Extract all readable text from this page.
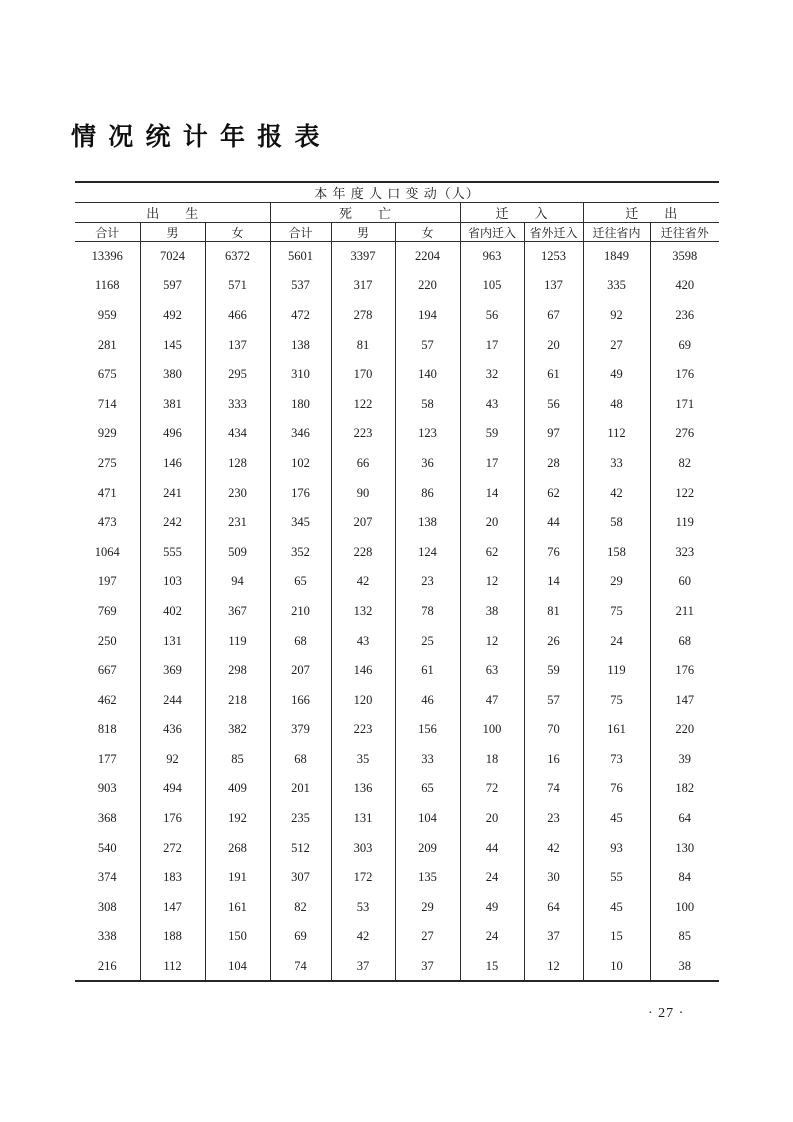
情 况 统 计 年 报 表
本 年 度 人 口 变 动（人）									
出　　生			死　　亡			迁　　入		迁　　出	
合计	男	女	合计	男	女	省内迁入	省外迁入	迁往省内	迁往省外
13396	7024	6372	5601	3397	2204	963	1253	1849	3598
1168	597	571	537	317	220	105	137	335	420
959	492	466	472	278	194	56	67	92	236
281	145	137	138	81	57	17	20	27	69
675	380	295	310	170	140	32	61	49	176
714	381	333	180	122	58	43	56	48	171
929	496	434	346	223	123	59	97	112	276
275	146	128	102	66	36	17	28	33	82
471	241	230	176	90	86	14	62	42	122
473	242	231	345	207	138	20	44	58	119
1064	555	509	352	228	124	62	76	158	323
197	103	94	65	42	23	12	14	29	60
769	402	367	210	132	78	38	81	75	211
250	131	119	68	43	25	12	26	24	68
667	369	298	207	146	61	63	59	119	176
462	244	218	166	120	46	47	57	75	147
818	436	382	379	223	156	100	70	161	220
177	92	85	68	35	33	18	16	73	39
903	494	409	201	136	65	72	74	76	182
368	176	192	235	131	104	20	23	45	64
540	272	268	512	303	209	44	42	93	130
374	183	191	307	172	135	24	30	55	84
308	147	161	82	53	29	49	64	45	100
338	188	150	69	42	27	24	37	15	85
216	112	104	74	37	37	15	12	10	38
· 27 ·
